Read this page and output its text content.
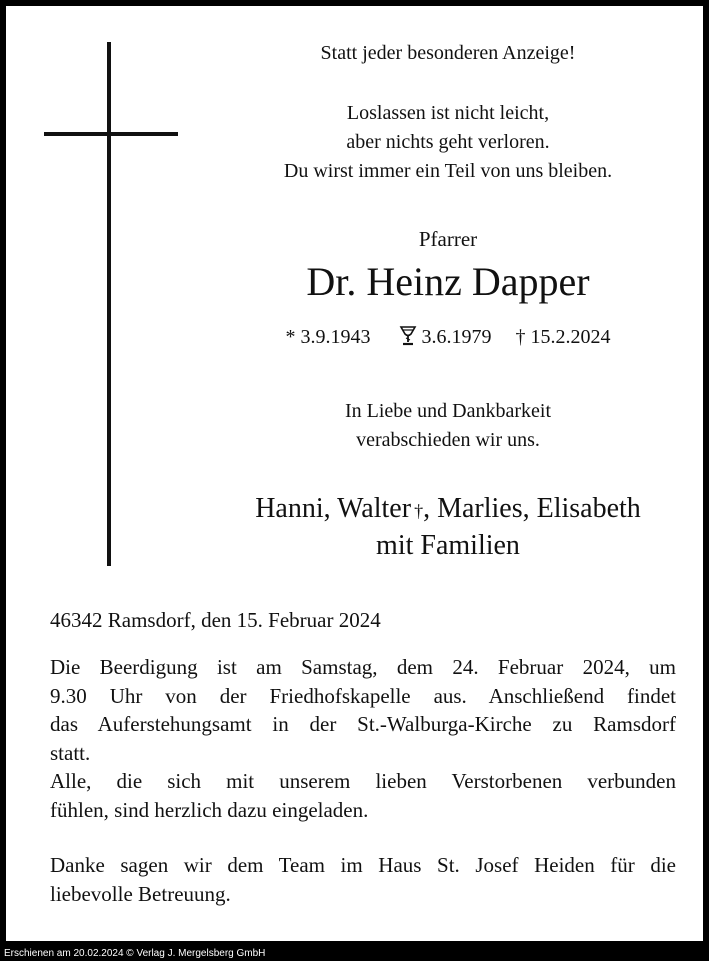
Statt jeder besonderen Anzeige!
Loslassen ist nicht leicht,
aber nichts geht verloren.
Du wirst immer ein Teil von uns bleiben.
Pfarrer
Dr. Heinz Dapper
* 3.9.1943	3.6.1979 † 15.2.2024
In Liebe und Dankbarkeit
verabschieden wir uns.
Hanni, Walter †, Marlies, Elisabeth
mit Familien
46342 Ramsdorf, den 15. Februar 2024
Die Beerdigung ist am Samstag, dem 24. Februar 2024, um
9.30 Uhr von der Friedhofskapelle aus. Anschließend findet
das Auferstehungsamt in der St.-Walburga-Kirche zu Ramsdorf
statt.
Alle, die sich mit unserem lieben Verstorbenen verbunden
fühlen, sind herzlich dazu eingeladen.
Danke sagen wir dem Team im Haus St. Josef Heiden für die
liebevolle Betreuung.
Erschienen am 20.02.2024 © Verlag J. Mergelsberg GmbH
